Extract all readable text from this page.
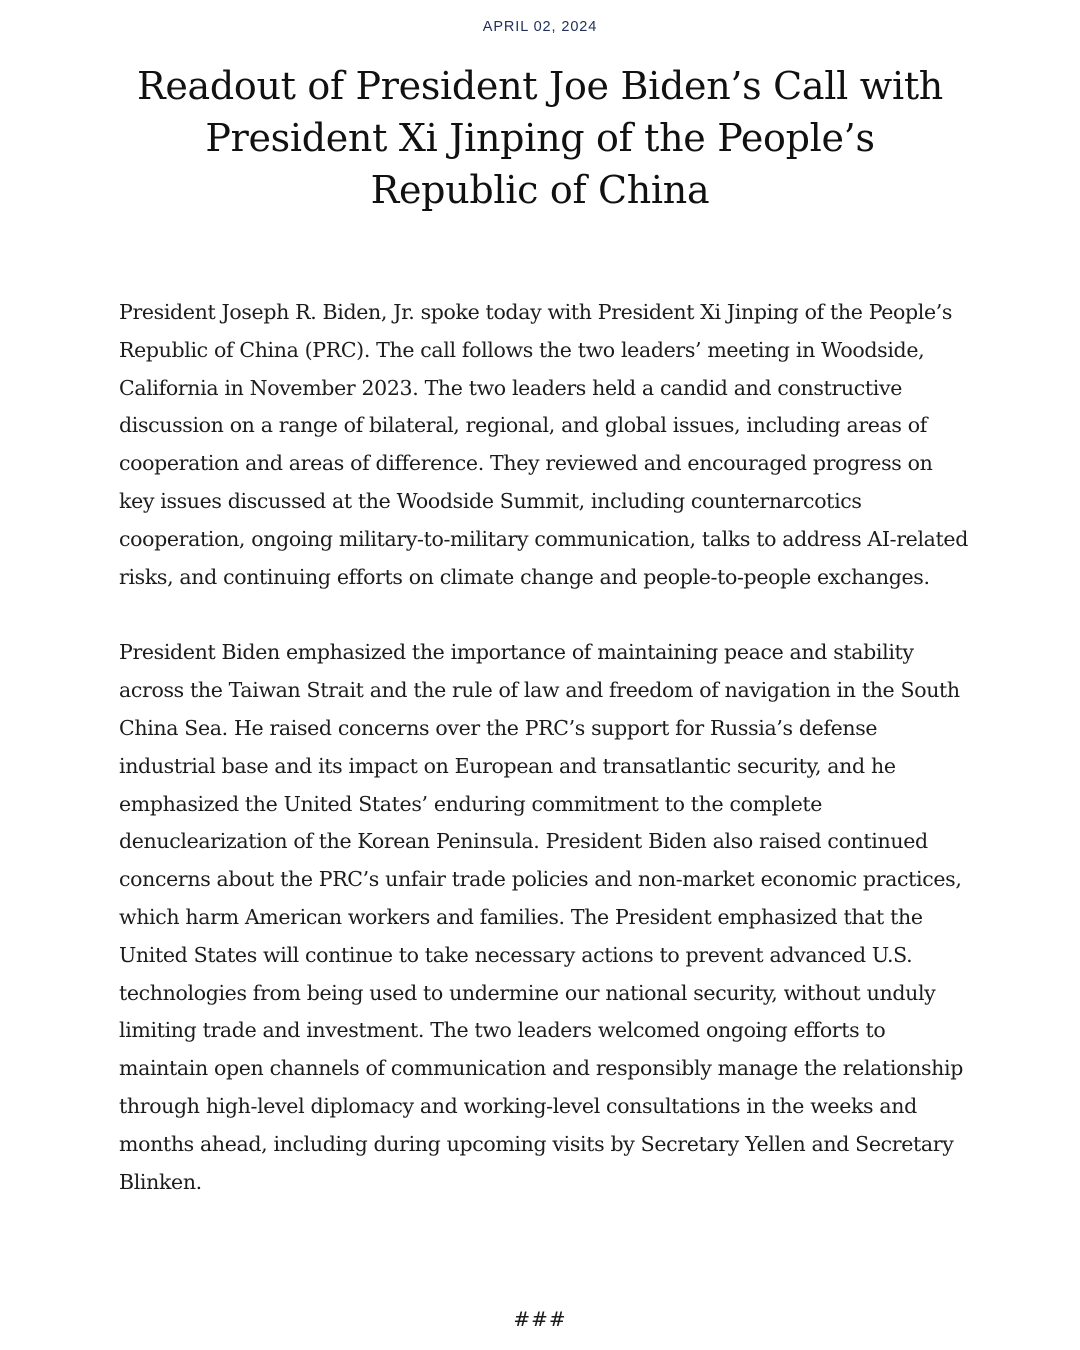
APRIL 02, 2024
Readout of President Joe Biden’s Call with President Xi Jinping of the People’s Republic of China

President Joseph R. Biden, Jr. spoke today with President Xi Jinping of the People’s Republic of China (PRC). The call follows the two leaders’ meeting in Woodside, California in November 2023. The two leaders held a candid and constructive discussion on a range of bilateral, regional, and global issues, including areas of cooperation and areas of difference. They reviewed and encouraged progress on key issues discussed at the Woodside Summit, including counternarcotics cooperation, ongoing military-to-military communication, talks to address AI-related risks, and continuing efforts on climate change and people-to-people exchanges.

President Biden emphasized the importance of maintaining peace and stability across the Taiwan Strait and the rule of law and freedom of navigation in the South China Sea. He raised concerns over the PRC’s support for Russia’s defense industrial base and its impact on European and transatlantic security, and he emphasized the United States’ enduring commitment to the complete denuclearization of the Korean Peninsula. President Biden also raised continued concerns about the PRC’s unfair trade policies and non-market economic practices, which harm American workers and families. The President emphasized that the United States will continue to take necessary actions to prevent advanced U.S. technologies from being used to undermine our national security, without unduly limiting trade and investment. The two leaders welcomed ongoing efforts to maintain open channels of communication and responsibly manage the relationship through high-level diplomacy and working-level consultations in the weeks and months ahead, including during upcoming visits by Secretary Yellen and Secretary Blinken.

###
